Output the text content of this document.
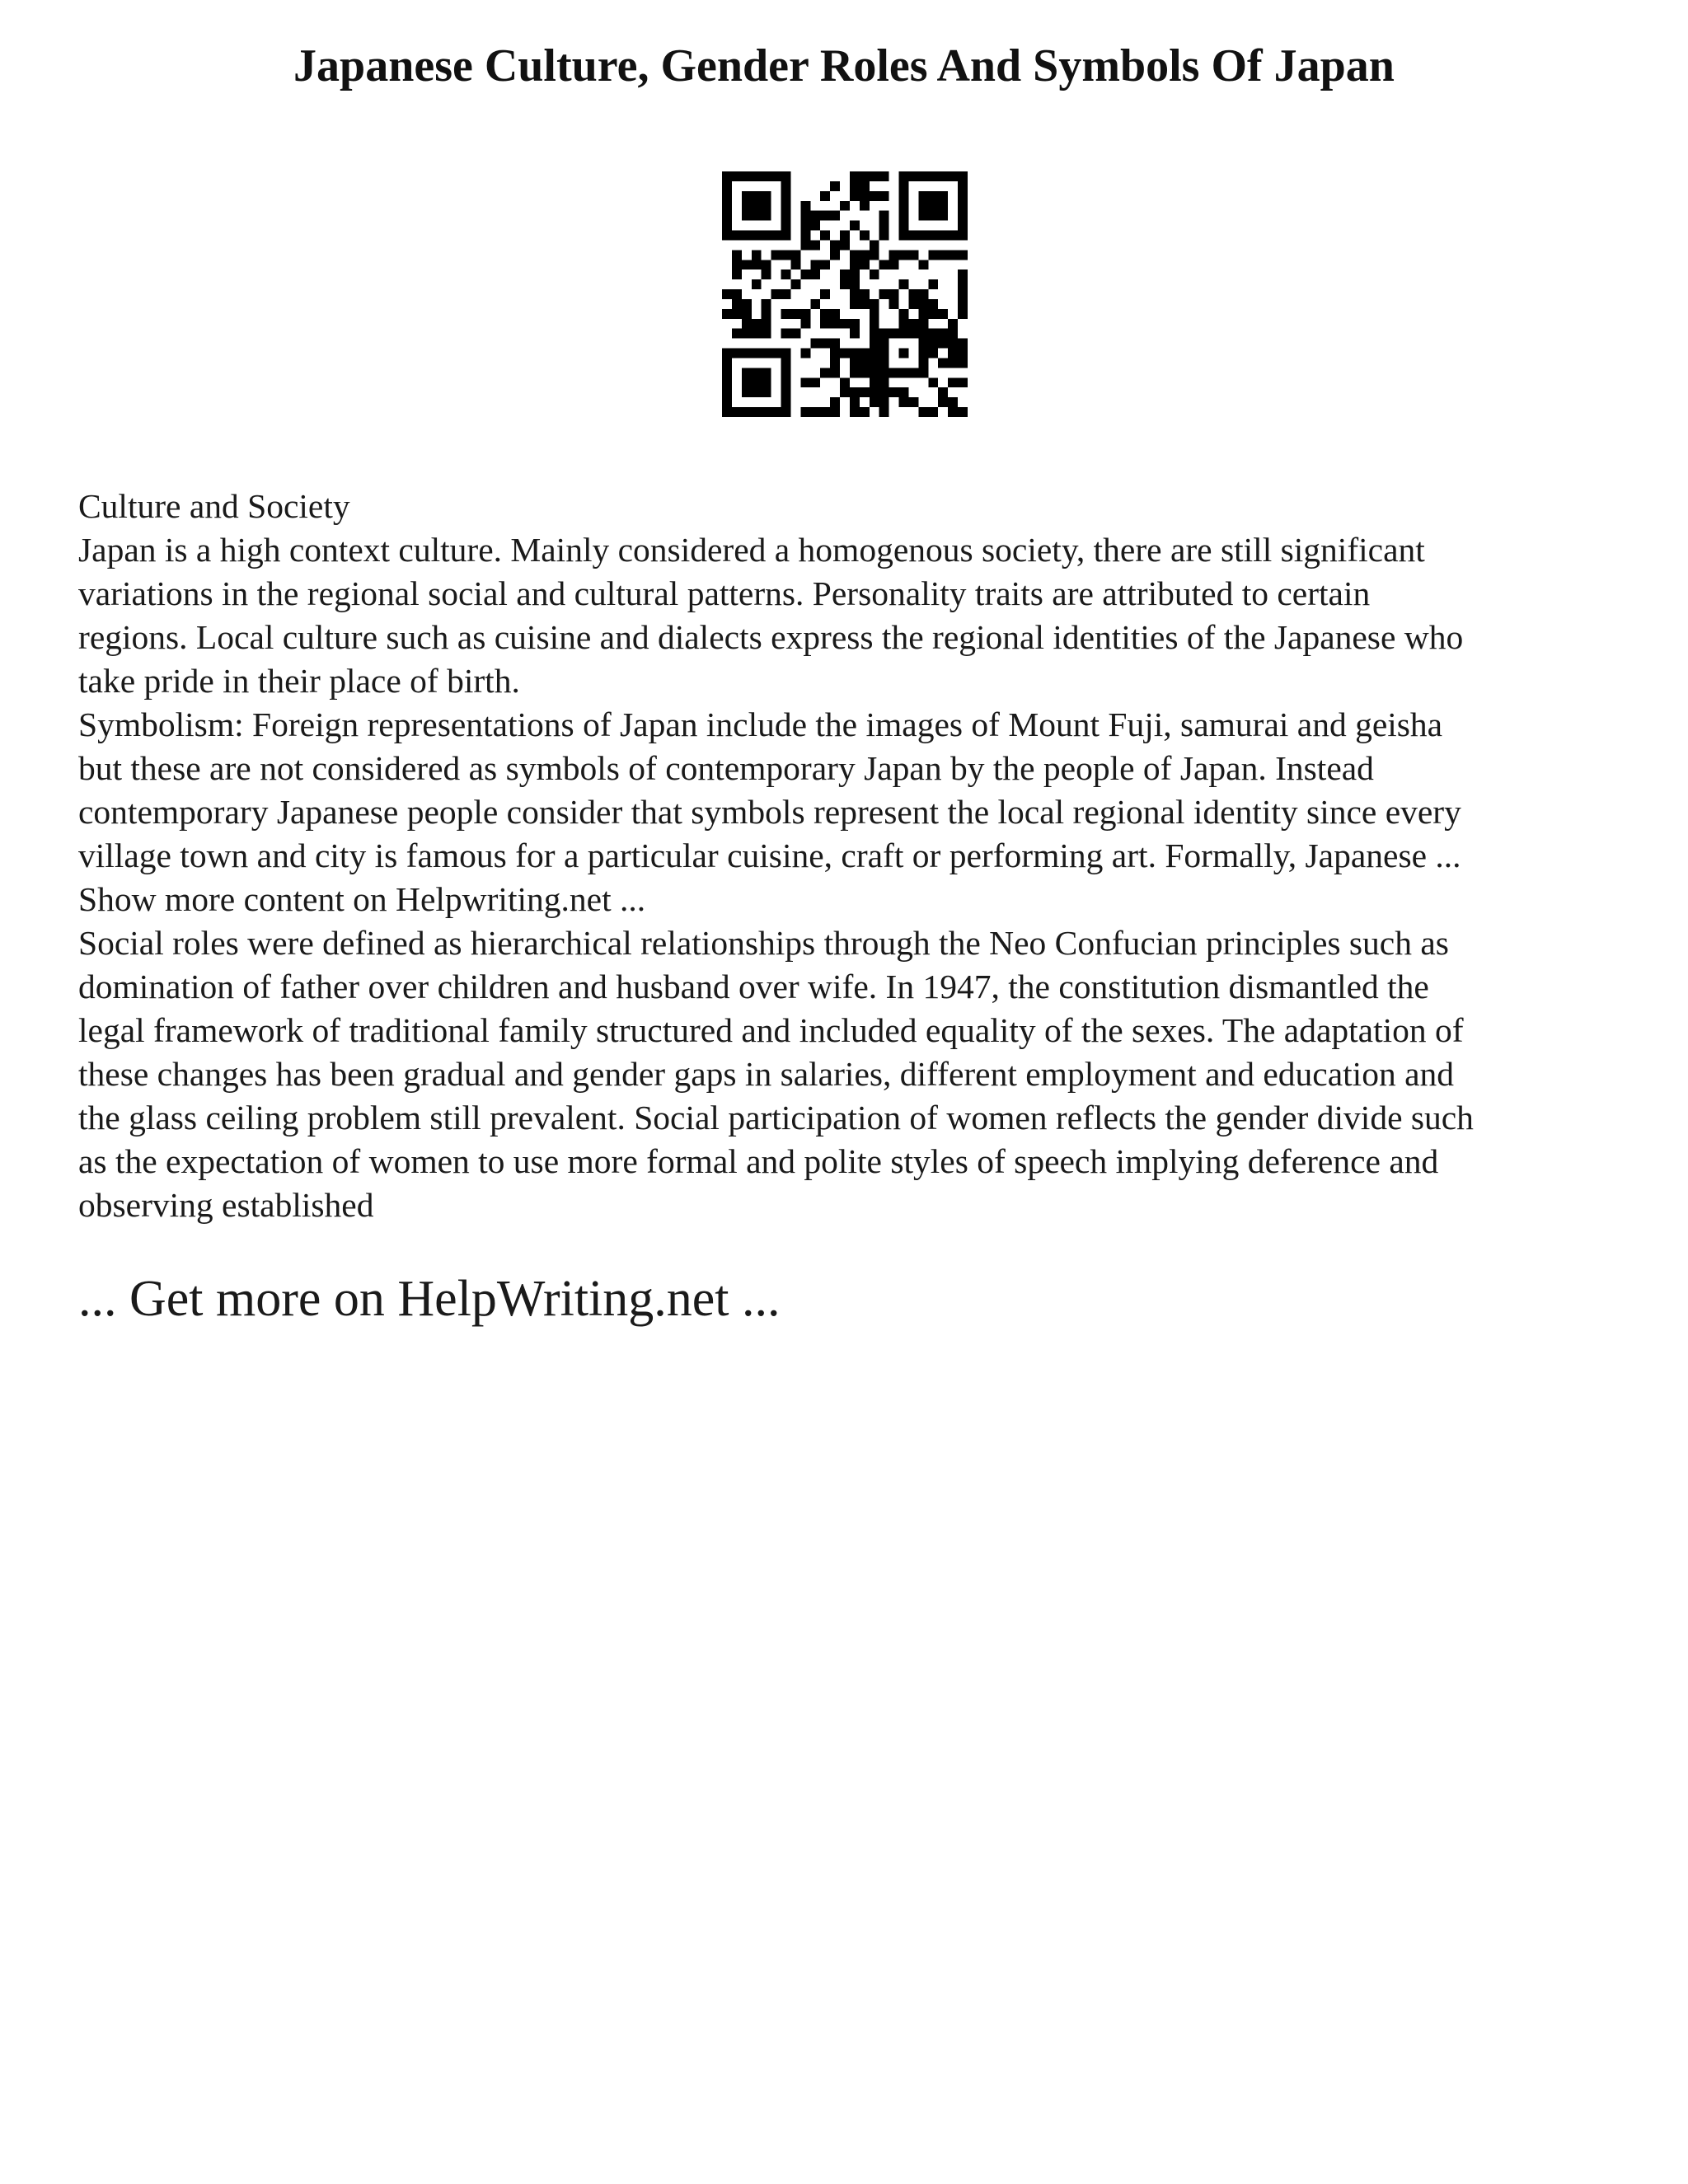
Japanese Culture, Gender Roles And Symbols Of Japan
Culture and Society
Japan is a high context culture. Mainly considered a homogenous society, there are still significant
variations in the regional social and cultural patterns. Personality traits are attributed to certain
regions. Local culture such as cuisine and dialects express the regional identities of the Japanese who
take pride in their place of birth.
Symbolism: Foreign representations of Japan include the images of Mount Fuji, samurai and geisha
but these are not considered as symbols of contemporary Japan by the people of Japan. Instead
contemporary Japanese people consider that symbols represent the local regional identity since every
village town and city is famous for a particular cuisine, craft or performing art. Formally, Japanese ...
Show more content on Helpwriting.net ...
Social roles were defined as hierarchical relationships through the Neo Confucian principles such as
domination of father over children and husband over wife. In 1947, the constitution dismantled the
legal framework of traditional family structured and included equality of the sexes. The adaptation of
these changes has been gradual and gender gaps in salaries, different employment and education and
the glass ceiling problem still prevalent. Social participation of women reflects the gender divide such
as the expectation of women to use more formal and polite styles of speech implying deference and
observing established
... Get more on HelpWriting.net ...
